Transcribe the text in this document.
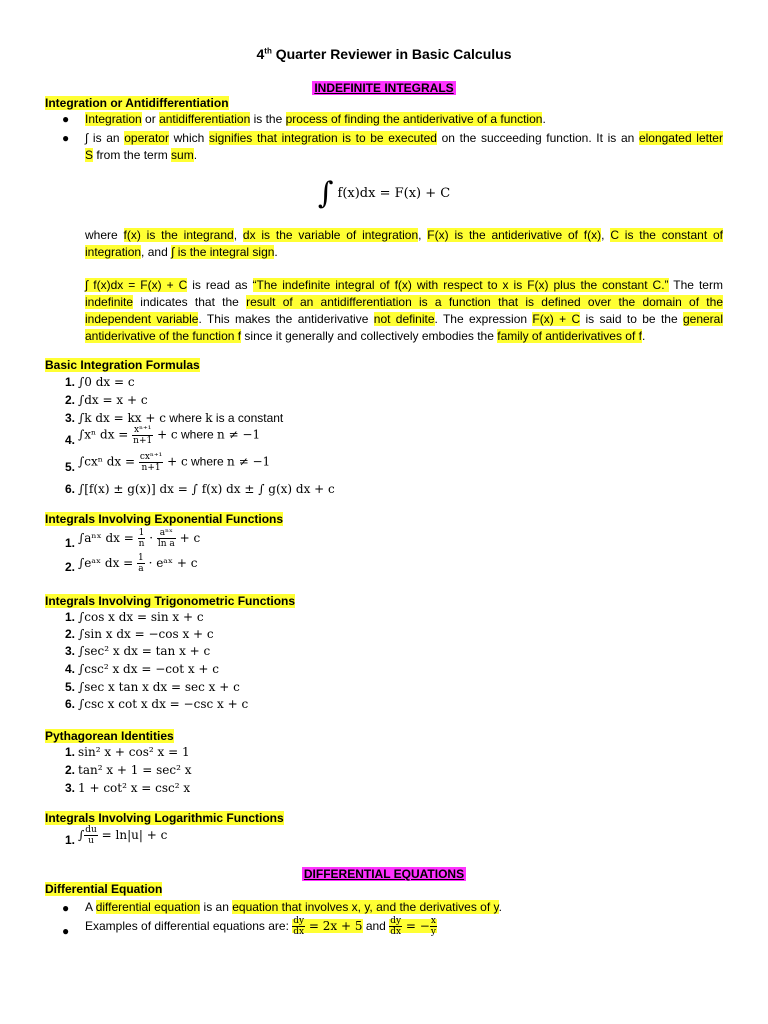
4th Quarter Reviewer in Basic Calculus
INDEFINITE INTEGRALS
Integration or Antidifferentiation
● Integration or antidifferentiation is the process of finding the antiderivative of a function.
● ∫ is an operator which signifies that integration is to be executed on the succeeding function. It is an elongated letter
S from the term sum.
∫ f(x)dx = F(x) + C
where f(x) is the integrand, dx is the variable of integration, F(x) is the antiderivative of f(x), C is the constant of
integration, and ∫ is the integral sign.
∫ f(x)dx = F(x) + C is read as “The indefinite integral of f(x) with respect to x is F(x) plus the constant C.” The term
indefinite indicates that the result of an antidifferentiation is a function that is defined over the domain of the
independent variable. This makes the antiderivative not definite. The expression F(x) + C is said to be the general
antiderivative of the function f since it generally and collectively embodies the family of antiderivatives of f.
Basic Integration Formulas
1. ∫0 dx = c
2. ∫dx = x + c
3. ∫k dx = kx + c where k is a constant
4. ∫xⁿ dx = $\frac{\text{xⁿ⁺¹}}{n+1} + c$ where n ≠ −1
5. ∫cxⁿ dx = $\frac{\text{cxⁿ⁺¹}}{n+1} + c$ where n ≠ −1
6. ∫[f(x) ± g(x)] dx = ∫ f(x) dx ± ∫ g(x) dx + c
Integrals Involving Exponential Functions
1. ∫aⁿˣ dx = $\frac{1}{n} \cdot \frac{\text{aⁿˣ}}{\text{ln a}} + c$
2. ∫eᵃˣ dx = $\frac{1}{a}$ · eᵃˣ + c
Integrals Involving Trigonometric Functions
1. ∫cos x dx = sin x + c
2. ∫sin x dx = −cos x + c
3. ∫sec² x dx = tan x + c
4. ∫csc² x dx = −cot x + c
5. ∫sec x tan x dx = sec x + c
6. ∫csc x cot x dx = −csc x + c
Pythagorean Identities
1. sin² x + cos² x = 1
2. tan² x + 1 = sec² x
3. 1 + cot² x = csc² x
Integrals Involving Logarithmic Functions
1. ∫ $\frac{du}{u} = \ln|u| + c$
DIFFERENTIAL EQUATIONS
Differential Equation
● A differential equation is an equation that involves x, y, and the derivatives of y.
● Examples of differential equations are: $\frac{dy}{dx} = 2x + 5$ and $\frac{dy}{dx}$ = − $\frac{x}{y}$
